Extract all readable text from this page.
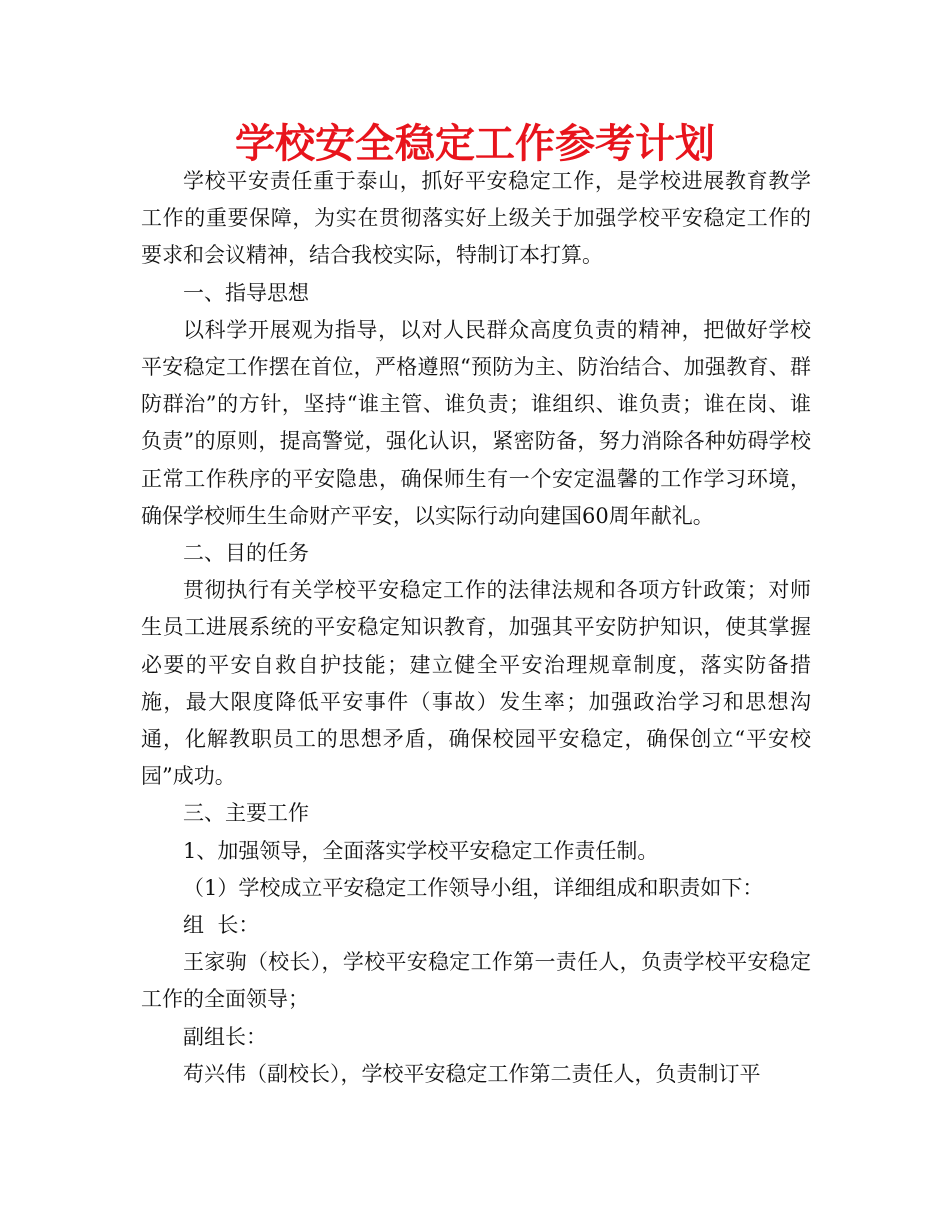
学校安全稳定工作参考计划

学校平安责任重于泰山，抓好平安稳定工作，是学校进展教育教学工作的重要保障，为实在贯彻落实好上级关于加强学校平安稳定工作的要求和会议精神，结合我校实际，特制订本打算。

一、指导思想

以科学开展观为指导，以对人民群众高度负责的精神，把做好学校平安稳定工作摆在首位，严格遵照“预防为主、防治结合、加强教育、群防群治”的方针，坚持“谁主管、谁负责；谁组织、谁负责；谁在岗、谁负责”的原则，提高警觉，强化认识，紧密防备，努力消除各种妨碍学校正常工作秩序的平安隐患，确保师生有一个安定温馨的工作学习环境，确保学校师生生命财产平安，以实际行动向建国60周年献礼。

二、目的任务

贯彻执行有关学校平安稳定工作的法律法规和各项方针政策；对师生员工进展系统的平安稳定知识教育，加强其平安防护知识，使其掌握必要的平安自救自护技能；建立健全平安治理规章制度，落实防备措施，最大限度降低平安事件（事故）发生率；加强政治学习和思想沟通，化解教职员工的思想矛盾，确保校园平安稳定，确保创立“平安校园”成功。

三、主要工作

1、加强领导，全面落实学校平安稳定工作责任制。

（1）学校成立平安稳定工作领导小组，详细组成和职责如下：

组  长：

王家驹（校长），学校平安稳定工作第一责任人，负责学校平安稳定工作的全面领导；

副组长：

苟兴伟（副校长），学校平安稳定工作第二责任人，负责制订平
